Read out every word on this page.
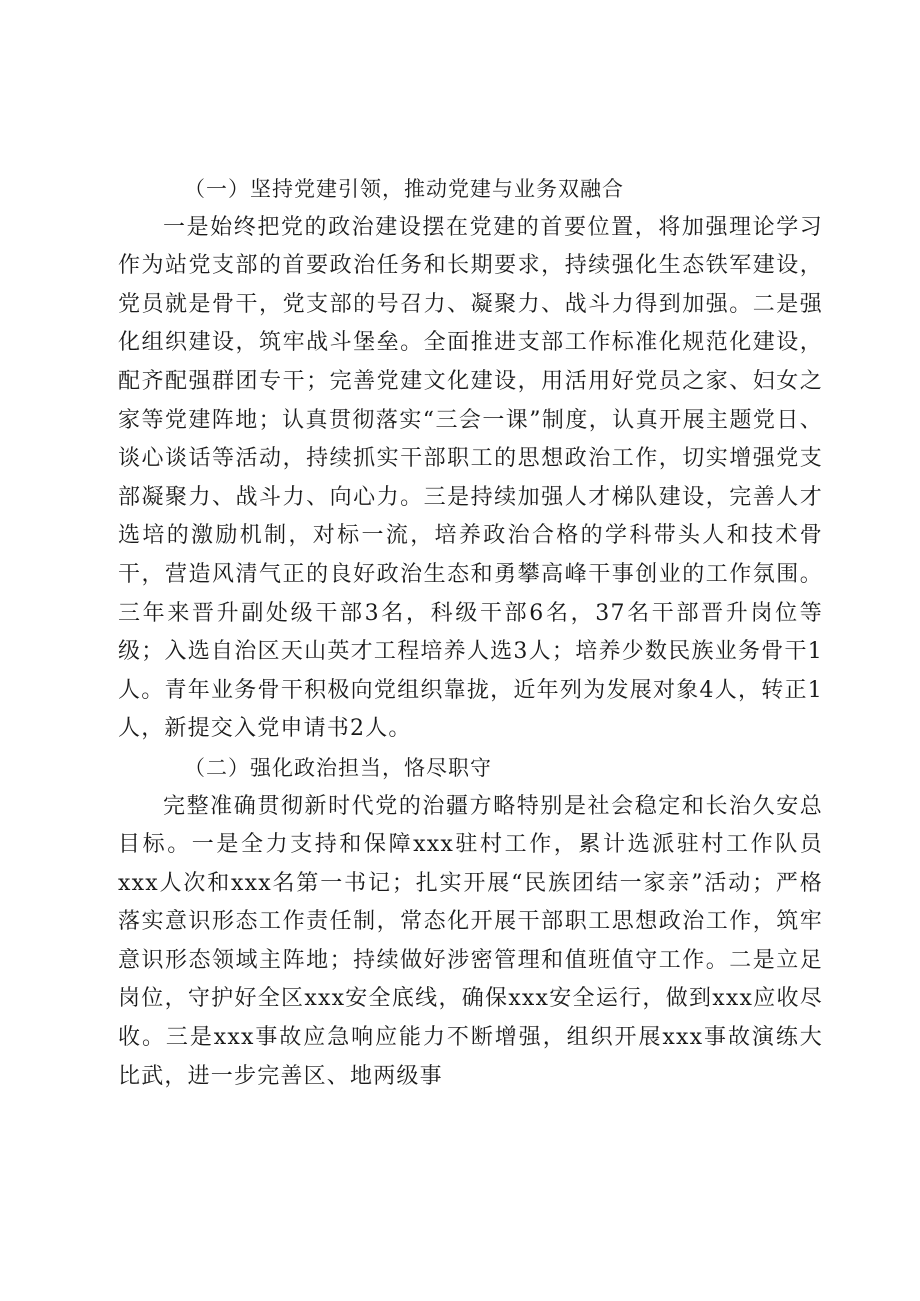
（一）坚持党建引领，推动党建与业务双融合

一是始终把党的政治建设摆在党建的首要位置，将加强理论学习作为站党支部的首要政治任务和长期要求，持续强化生态铁军建设，党员就是骨干，党支部的号召力、凝聚力、战斗力得到加强。二是强化组织建设，筑牢战斗堡垒。全面推进支部工作标准化规范化建设，配齐配强群团专干；完善党建文化建设，用活用好党员之家、妇女之家等党建阵地；认真贯彻落实“三会一课”制度，认真开展主题党日、谈心谈话等活动，持续抓实干部职工的思想政治工作，切实增强党支部凝聚力、战斗力、向心力。三是持续加强人才梯队建设，完善人才选培的激励机制，对标一流，培养政治合格的学科带头人和技术骨干，营造风清气正的良好政治生态和勇攀高峰干事创业的工作氛围。三年来晋升副处级干部3名，科级干部6名，37名干部晋升岗位等级；入选自治区天山英才工程培养人选3人；培养少数民族业务骨干1人。青年业务骨干积极向党组织靠拢，近年列为发展对象4人，转正1人，新提交入党申请书2人。

（二）强化政治担当，恪尽职守

完整准确贯彻新时代党的治疆方略特别是社会稳定和长治久安总目标。一是全力支持和保障xxx驻村工作，累计选派驻村工作队员xxx人次和xxx名第一书记；扎实开展“民族团结一家亲”活动；严格落实意识形态工作责任制，常态化开展干部职工思想政治工作，筑牢意识形态领域主阵地；持续做好涉密管理和值班值守工作。二是立足岗位，守护好全区xxx安全底线，确保xxx安全运行，做到xxx应收尽收。三是xxx事故应急响应能力不断增强，组织开展xxx事故演练大比武，进一步完善区、地两级事
